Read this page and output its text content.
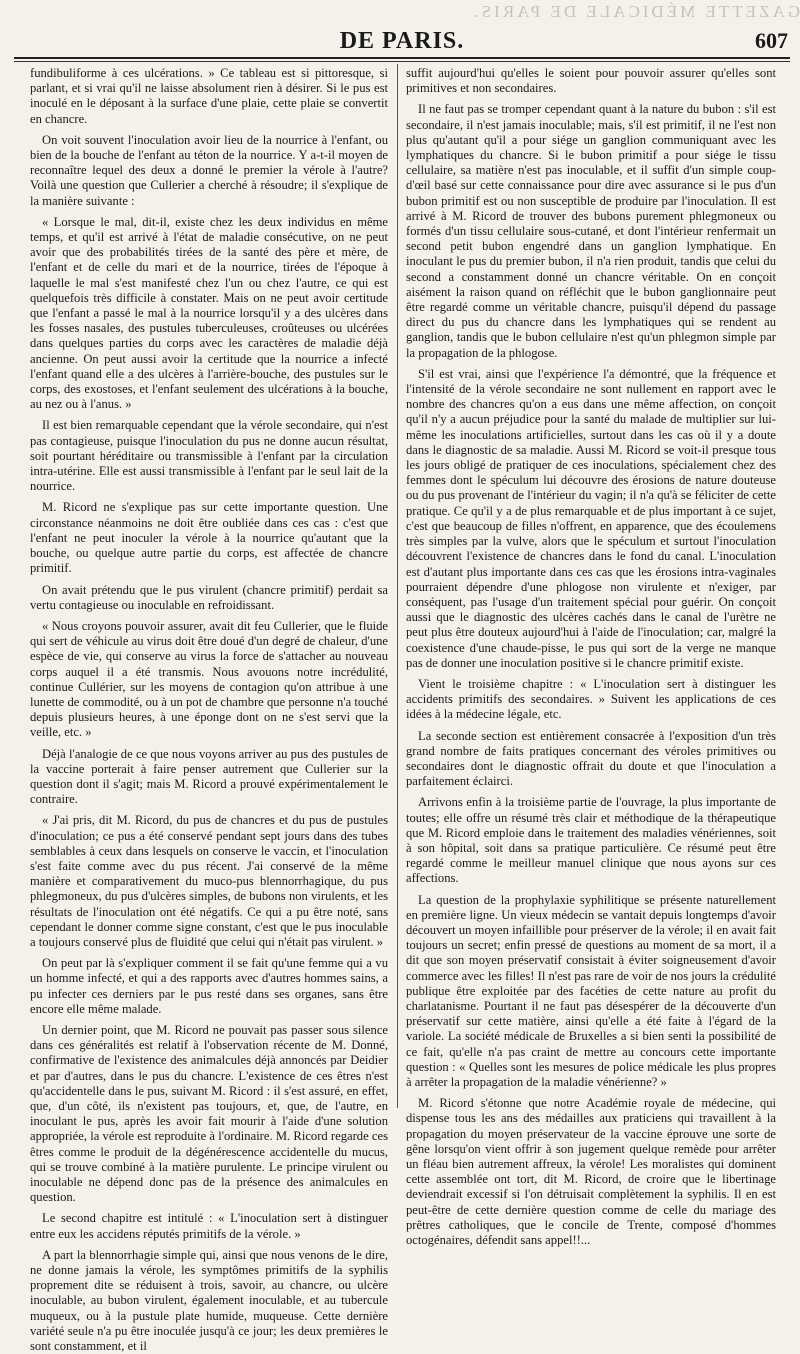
GAZETTE MÉDICALE DE PARIS.
DE PARIS.	607

fundibuliforme à ces ulcérations. » Ce tableau est si pittoresque, si parlant, et si vrai qu'il ne laisse absolument rien à désirer. Si le pus est inoculé en le déposant à la surface d'une plaie, cette plaie se convertit en chancre.

On voit souvent l'inoculation avoir lieu de la nourrice à l'enfant, ou bien de la bouche de l'enfant au téton de la nourrice. Y a-t-il moyen de reconnaître lequel des deux a donné le premier la vérole à l'autre? Voilà une question que Cullerier a cherché à résoudre; il s'explique de la manière suivante :

« Lorsque le mal, dit-il, existe chez les deux individus en même temps, et qu'il est arrivé à l'état de maladie consécutive, on ne peut avoir que des probabilités tirées de la santé des père et mère, de l'enfant et de celle du mari et de la nourrice, tirées de l'époque à laquelle le mal s'est manifesté chez l'un ou chez l'autre, ce qui est quelquefois très difficile à constater. Mais on ne peut avoir certitude que l'enfant a passé le mal à la nourrice lorsqu'il y a des ulcères dans les fosses nasales, des pustules tuberculeuses, croûteuses ou ulcérées dans quelques parties du corps avec les caractères de maladie déjà ancienne. On peut aussi avoir la certitude que la nourrice a infecté l'enfant quand elle a des ulcères à l'arrière-bouche, des pustules sur le corps, des exostoses, et l'enfant seulement des ulcérations à la bouche, au nez ou à l'anus. »

Il est bien remarquable cependant que la vérole secondaire, qui n'est pas contagieuse, puisque l'inoculation du pus ne donne aucun résultat, soit pourtant héréditaire ou transmissible à l'enfant par la circulation intra-utérine. Elle est aussi transmissible à l'enfant par le seul lait de la nourrice.

M. Ricord ne s'explique pas sur cette importante question. Une circonstance néanmoins ne doit être oubliée dans ces cas : c'est que l'enfant ne peut inoculer la vérole à la nourrice qu'autant que la bouche, ou quelque autre partie du corps, est affectée de chancre primitif.

On avait prétendu que le pus virulent (chancre primitif) perdait sa vertu contagieuse ou inoculable en refroidissant.

« Nous croyons pouvoir assurer, avait dit feu Cullerier, que le fluide qui sert de véhicule au virus doit être doué d'un degré de chaleur, d'une espèce de vie, qui conserve au virus la force de s'attacher au nouveau corps auquel il a été transmis. Nous avouons notre incrédulité, continue Cullérier, sur les moyens de contagion qu'on attribue à une lunette de commodité, ou à un pot de chambre que personne n'a touché depuis plusieurs heures, à une éponge dont on ne s'est servi que la veille, etc. »

Déjà l'analogie de ce que nous voyons arriver au pus des pustules de la vaccine porterait à faire penser autrement que Cullerier sur la question dont il s'agit; mais M. Ricord a prouvé expérimentalement le contraire.

« J'ai pris, dit M. Ricord, du pus de chancres et du pus de pustules d'inoculation; ce pus a été conservé pendant sept jours dans des tubes semblables à ceux dans lesquels on conserve le vaccin, et l'inoculation s'est faite comme avec du pus récent. J'ai conservé de la même manière et comparativement du muco-pus blennorrhagique, du pus phlegmoneux, du pus d'ulcères simples, de bubons non virulents, et les résultats de l'inoculation ont été négatifs. Ce qui a pu être noté, sans cependant le donner comme signe constant, c'est que le pus inoculable a toujours conservé plus de fluidité que celui qui n'était pas virulent. »

On peut par là s'expliquer comment il se fait qu'une femme qui a vu un homme infecté, et qui a des rapports avec d'autres hommes sains, a pu infecter ces derniers par le pus resté dans ses organes, sans être encore elle même malade.

Un dernier point, que M. Ricord ne pouvait pas passer sous silence dans ces généralités est relatif à l'observation récente de M. Donné, confirmative de l'existence des animalcules déjà annoncés par Deidier et par d'autres, dans le pus du chancre. L'existence de ces êtres n'est qu'accidentelle dans le pus, suivant M. Ricord : il s'est assuré, en effet, que, d'un côté, ils n'existent pas toujours, et, que, de l'autre, en inoculant le pus, après les avoir fait mourir à l'aide d'une solution appropriée, la vérole est reproduite à l'ordinaire. M. Ricord regarde ces êtres comme le produit de la dégénérescence accidentelle du mucus, qui se trouve combiné à la matière purulente. Le principe virulent ou inoculable ne dépend donc pas de la présence des animalcules en question.

Le second chapitre est intitulé : « L'inoculation sert à distinguer entre eux les accidens réputés primitifs de la vérole. »

A part la blennorrhagie simple qui, ainsi que nous venons de le dire, ne donne jamais la vérole, les symptômes primitifs de la syphilis proprement dite se réduisent à trois, savoir, au chancre, ou ulcère inoculable, au bubon virulent, également inoculable, et au tubercule muqueux, ou à la pustule plate humide, muqueuse. Cette dernière variété seule n'a pu être inoculée jusqu'à ce jour; les deux premières le sont constamment, et il

suffit aujourd'hui qu'elles le soient pour pouvoir assurer qu'elles sont primitives et non secondaires.

Il ne faut pas se tromper cependant quant à la nature du bubon : s'il est secondaire, il n'est jamais inoculable; mais, s'il est primitif, il ne l'est non plus qu'autant qu'il a pour siége un ganglion communiquant avec les lymphatiques du chancre. Si le bubon primitif a pour siége le tissu cellulaire, sa matière n'est pas inoculable, et il suffit d'un simple coup-d'œil basé sur cette connaissance pour dire avec assurance si le pus d'un bubon primitif est ou non susceptible de produire par l'inoculation. Il est arrivé à M. Ricord de trouver des bubons purement phlegmoneux ou formés d'un tissu cellulaire sous-cutané, et dont l'intérieur renfermait un second petit bubon engendré dans un ganglion lymphatique. En inoculant le pus du premier bubon, il n'a rien produit, tandis que celui du second a constamment donné un chancre véritable. On en conçoit aisément la raison quand on réfléchit que le bubon ganglionnaire peut être regardé comme un véritable chancre, puisqu'il dépend du passage direct du pus du chancre dans les lymphatiques qui se rendent au ganglion, tandis que le bubon cellulaire n'est qu'un phlegmon simple par la propagation de la phlogose.

S'il est vrai, ainsi que l'expérience l'a démontré, que la fréquence et l'intensité de la vérole secondaire ne sont nullement en rapport avec le nombre des chancres qu'on a eus dans une même affection, on conçoit qu'il n'y a aucun préjudice pour la santé du malade de multiplier sur lui-même les inoculations artificielles, surtout dans les cas où il y a doute dans le diagnostic de sa maladie. Aussi M. Ricord se voit-il presque tous les jours obligé de pratiquer de ces inoculations, spécialement chez des femmes dont le spéculum lui découvre des érosions de nature douteuse ou du pus provenant de l'intérieur du vagin; il n'a qu'à se féliciter de cette pratique. Ce qu'il y a de plus remarquable et de plus important à ce sujet, c'est que beaucoup de filles n'offrent, en apparence, que des écoulemens très simples par la vulve, alors que le spéculum et surtout l'inoculation découvrent l'existence de chancres dans le fond du canal. L'inoculation est d'autant plus importante dans ces cas que les érosions intra-vaginales pourraient dépendre d'une phlogose non virulente et n'exiger, par conséquent, pas l'usage d'un traitement spécial pour guérir. On conçoit aussi que le diagnostic des ulcères cachés dans le canal de l'urètre ne peut plus être douteux aujourd'hui à l'aide de l'inoculation; car, malgré la coexistence d'une chaude-pisse, le pus qui sort de la verge ne manque pas de donner une inoculation positive si le chancre primitif existe.

Vient le troisième chapitre : « L'inoculation sert à distinguer les accidents primitifs des secondaires. » Suivent les applications de ces idées à la médecine légale, etc.

La seconde section est entièrement consacrée à l'exposition d'un très grand nombre de faits pratiques concernant des véroles primitives ou secondaires dont le diagnostic offrait du doute et que l'inoculation a parfaitement éclairci.

Arrivons enfin à la troisième partie de l'ouvrage, la plus importante de toutes; elle offre un résumé très clair et méthodique de la thérapeutique que M. Ricord emploie dans le traitement des maladies vénériennes, soit à son hôpital, soit dans sa pratique particulière. Ce résumé peut être regardé comme le meilleur manuel clinique que nous ayons sur ces affections.

La question de la prophylaxie syphilitique se présente naturellement en première ligne. Un vieux médecin se vantait depuis longtemps d'avoir découvert un moyen infaillible pour préserver de la vérole; il en avait fait toujours un secret; enfin pressé de questions au moment de sa mort, il a dit que son moyen préservatif consistait à éviter soigneusement d'avoir commerce avec les filles! Il n'est pas rare de voir de nos jours la crédulité publique être exploitée par des facéties de cette nature au profit du charlatanisme. Pourtant il ne faut pas désespérer de la découverte d'un préservatif sur cette matière, ainsi qu'elle a été faite à l'égard de la variole. La société médicale de Bruxelles a si bien senti la possibilité de ce fait, qu'elle n'a pas craint de mettre au concours cette importante question : « Quelles sont les mesures de police médicale les plus propres à arrêter la propagation de la maladie vénérienne? »

M. Ricord s'étonne que notre Académie royale de médecine, qui dispense tous les ans des médailles aux praticiens qui travaillent à la propagation du moyen préservateur de la vaccine éprouve une sorte de gêne lorsqu'on vient offrir à son jugement quelque remède pour arrêter un fléau bien autrement affreux, la vérole! Les moralistes qui dominent cette assemblée ont tort, dit M. Ricord, de croire que le libertinage deviendrait excessif si l'on détruisait complètement la syphilis. Il en est peut-être de cette dernière question comme de celle du mariage des prêtres catholiques, que le concile de Trente, composé d'hommes octogénaires, défendit sans appel!!...
